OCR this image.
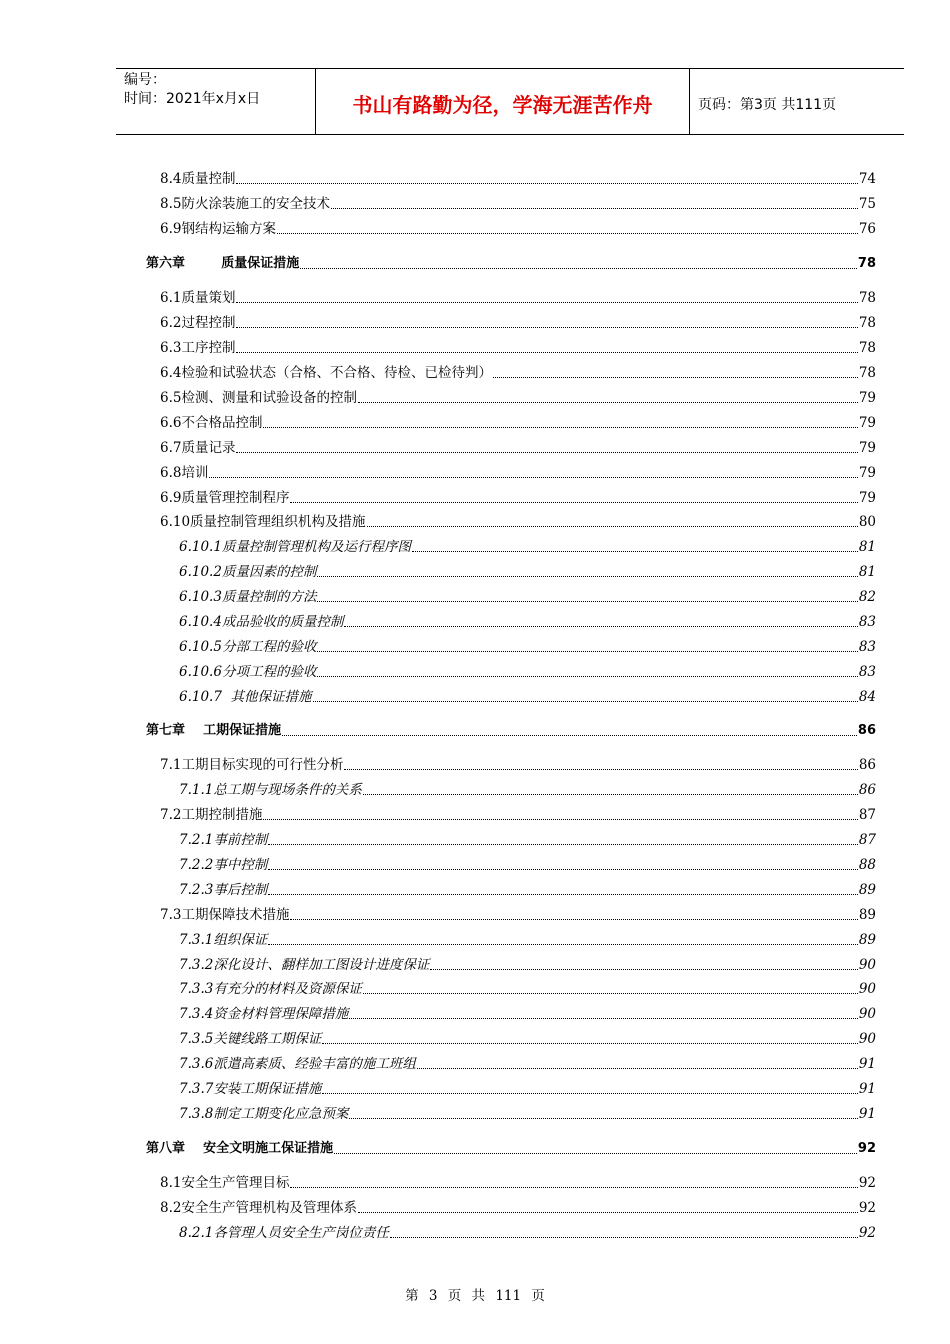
编号：
时间：2021年x月x日	书山有路勤为径，学海无涯苦作舟	页码：第3页 共111页
8.4质量控制	74
8.5防火涂装施工的安全技术	75
6.9钢结构运输方案	76
第六章        质量保证措施	78
6.1质量策划	78
6.2过程控制	78
6.3工序控制	78
6.4检验和试验状态（合格、不合格、待检、已检待判）	78
6.5检测、测量和试验设备的控制	79
6.6不合格品控制	79
6.7质量记录	79
6.8培训	79
6.9质量管理控制程序	79
6.10质量控制管理组织机构及措施	80
6.10.1质量控制管理机构及运行程序图	81
6.10.2质量因素的控制	81
6.10.3质量控制的方法	82
6.10.4成品验收的质量控制	83
6.10.5分部工程的验收	83
6.10.6分项工程的验收	83
6.10.7  其他保证措施	84
第七章    工期保证措施	86
7.1工期目标实现的可行性分析	86
7.1.1总工期与现场条件的关系	86
7.2工期控制措施	87
7.2.1事前控制	87
7.2.2事中控制	88
7.2.3事后控制	89
7.3工期保障技术措施	89
7.3.1组织保证	89
7.3.2深化设计、翻样加工图设计进度保证	90
7.3.3有充分的材料及资源保证	90
7.3.4资金材料管理保障措施	90
7.3.5关键线路工期保证	90
7.3.6派遣高素质、经验丰富的施工班组	91
7.3.7安装工期保证措施	91
7.3.8制定工期变化应急预案	91
第八章    安全文明施工保证措施	92
8.1安全生产管理目标	92
8.2安全生产管理机构及管理体系	92
8.2.1各管理人员安全生产岗位责任	92
第 3 页 共 111 页
